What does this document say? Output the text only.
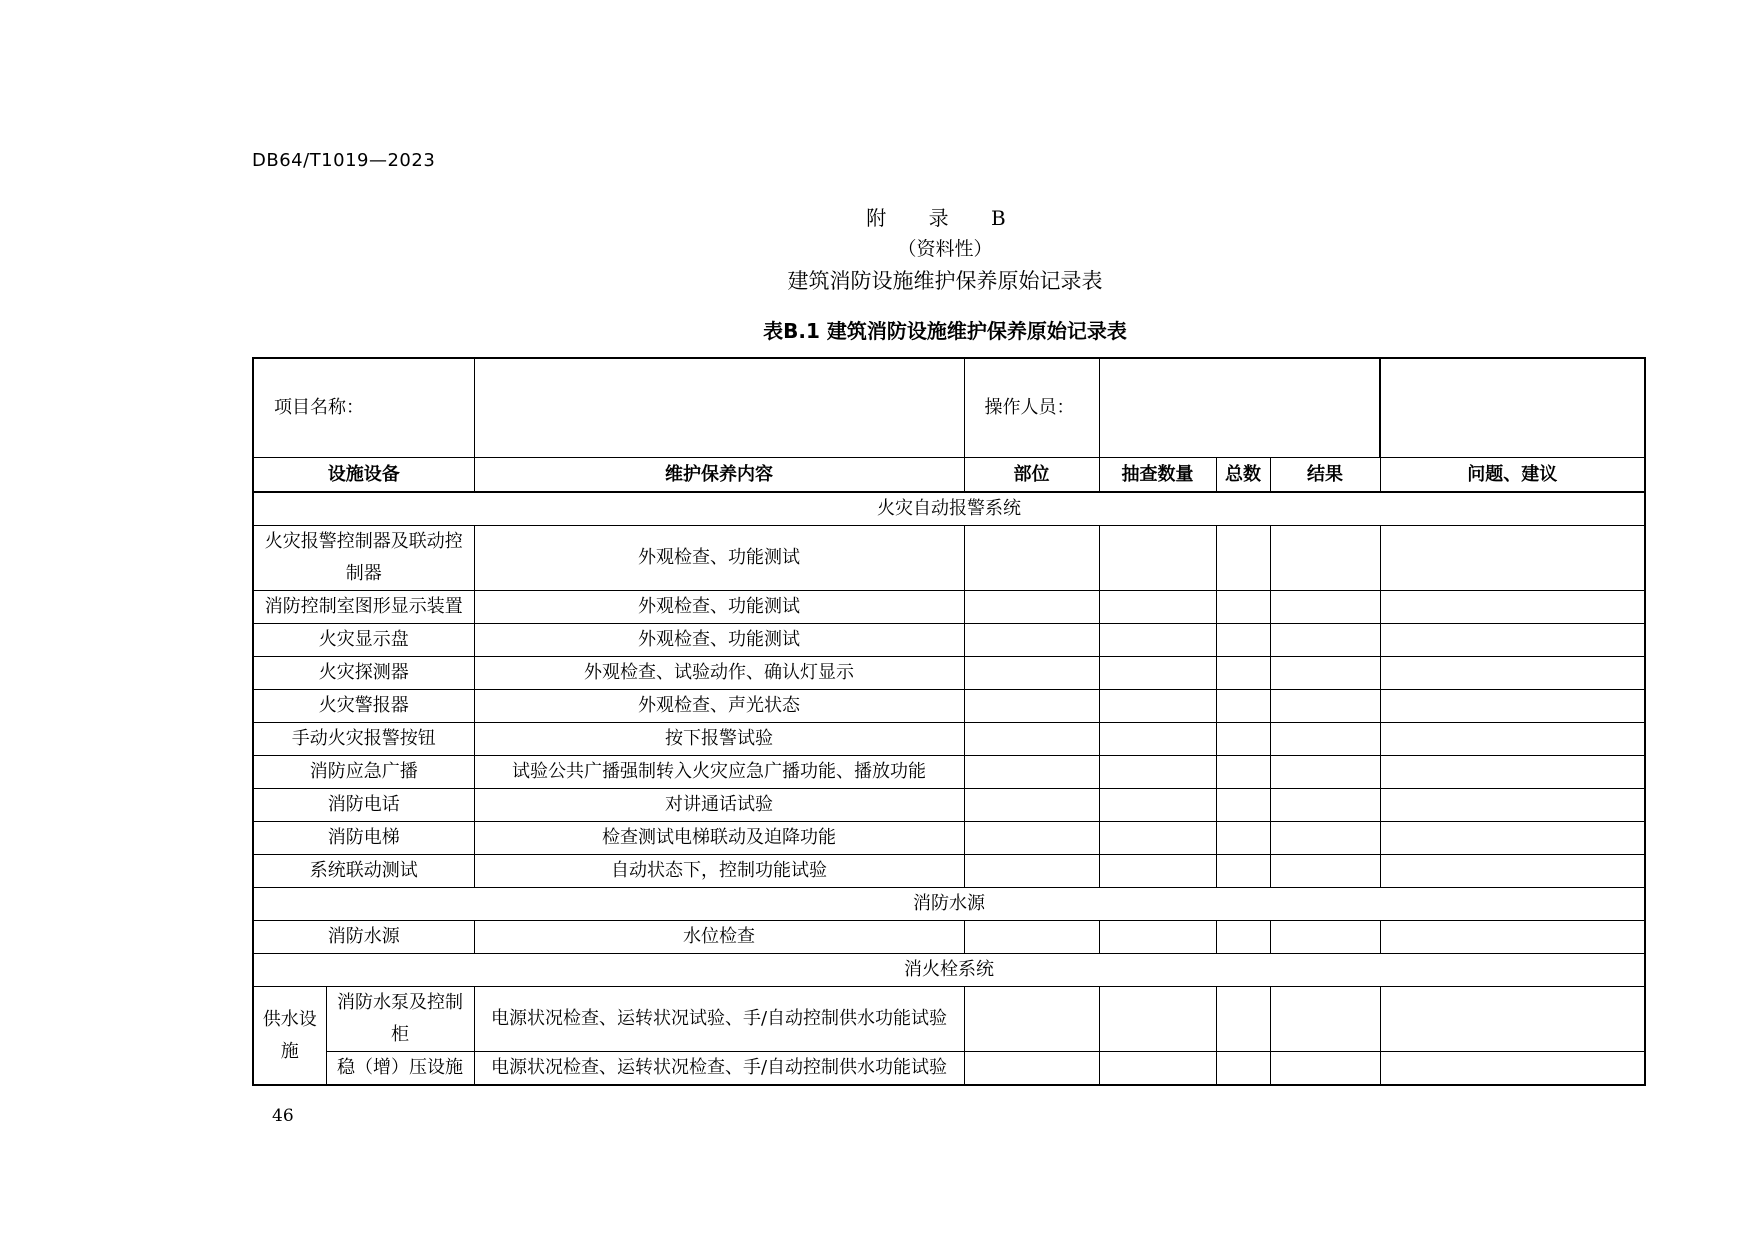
DB64/T1019—2023
附 录 B
（资料性）
建筑消防设施维护保养原始记录表
表B.1 建筑消防设施维护保养原始记录表
项目名称：			操作人员：				
设施设备		维护保养内容	部位	抽查数量	总数	结果	问题、建议
火灾自动报警系统							
火灾报警控制器及联动控制器		外观检查、功能测试					
消防控制室图形显示装置		外观检查、功能测试					
火灾显示盘		外观检查、功能测试					
火灾探测器		外观检查、试验动作、确认灯显示					
火灾警报器		外观检查、声光状态					
手动火灾报警按钮		按下报警试验					
消防应急广播		试验公共广播强制转入火灾应急广播功能、播放功能					
消防电话		对讲通话试验					
消防电梯		检查测试电梯联动及迫降功能					
系统联动测试		自动状态下，控制功能试验					
消防水源							
消防水源		水位检查					
消火栓系统							
供水设施	消防水泵及控制柜	电源状况检查、运转状况试验、手/自动控制供水功能试验					
	稳（增）压设施	电源状况检查、运转状况检查、手/自动控制供水功能试验					
46
